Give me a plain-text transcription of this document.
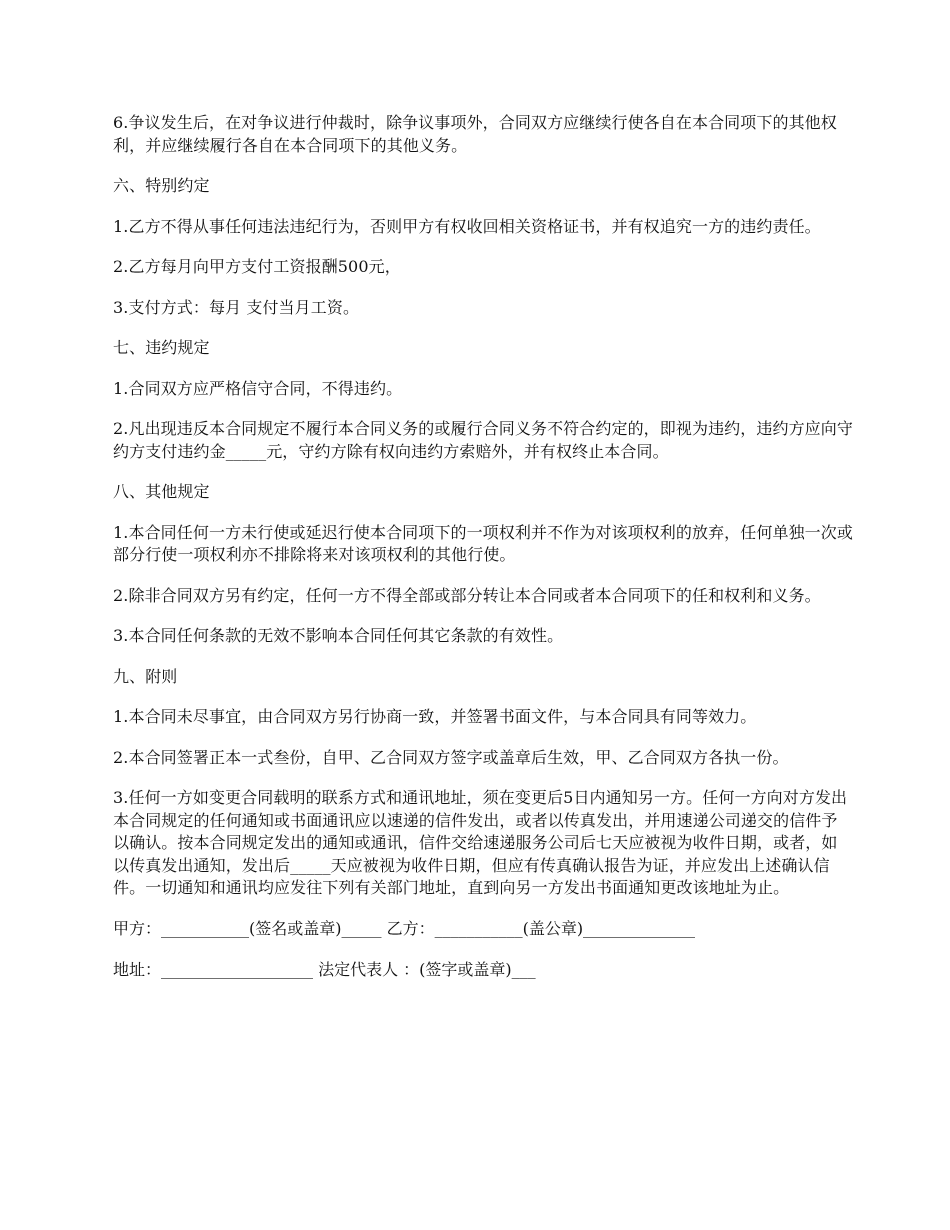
6.争议发生后，在对争议进行仲裁时，除争议事项外，合同双方应继续行使各自在本合同项下的其他权利，并应继续履行各自在本合同项下的其他义务。

六、特别约定

1.乙方不得从事任何违法违纪行为，否则甲方有权收回相关资格证书，并有权追究一方的违约责任。

2.乙方每月向甲方支付工资报酬500元，

3.支付方式：每月 支付当月工资。

七、违约规定

1.合同双方应严格信守合同，不得违约。

2.凡出现违反本合同规定不履行本合同义务的或履行合同义务不符合约定的，即视为违约，违约方应向守约方支付违约金_____元，守约方除有权向违约方索赔外，并有权终止本合同。

八、其他规定

1.本合同任何一方未行使或延迟行使本合同项下的一项权利并不作为对该项权利的放弃，任何单独一次或部分行使一项权利亦不排除将来对该项权利的其他行使。

2.除非合同双方另有约定，任何一方不得全部或部分转让本合同或者本合同项下的任和权利和义务。

3.本合同任何条款的无效不影响本合同任何其它条款的有效性。

九、附则

1.本合同未尽事宜，由合同双方另行协商一致，并签署书面文件，与本合同具有同等效力。

2.本合同签署正本一式叁份，自甲、乙合同双方签字或盖章后生效，甲、乙合同双方各执一份。

3.任何一方如变更合同载明的联系方式和通讯地址，须在变更后5日内通知另一方。任何一方向对方发出本合同规定的任何通知或书面通讯应以速递的信件发出，或者以传真发出，并用速递公司递交的信件予以确认。按本合同规定发出的通知或通讯，信件交给速递服务公司后七天应被视为收件日期，或者，如以传真发出通知，发出后_____天应被视为收件日期，但应有传真确认报告为证，并应发出上述确认信件。一切通知和通讯均应发往下列有关部门地址，直到向另一方发出书面通知更改该地址为止。

甲方：___________(签名或盖章)_____ 乙方：___________(盖公章)______________
地址：___________________ 法定代表人 ：(签字或盖章)___
